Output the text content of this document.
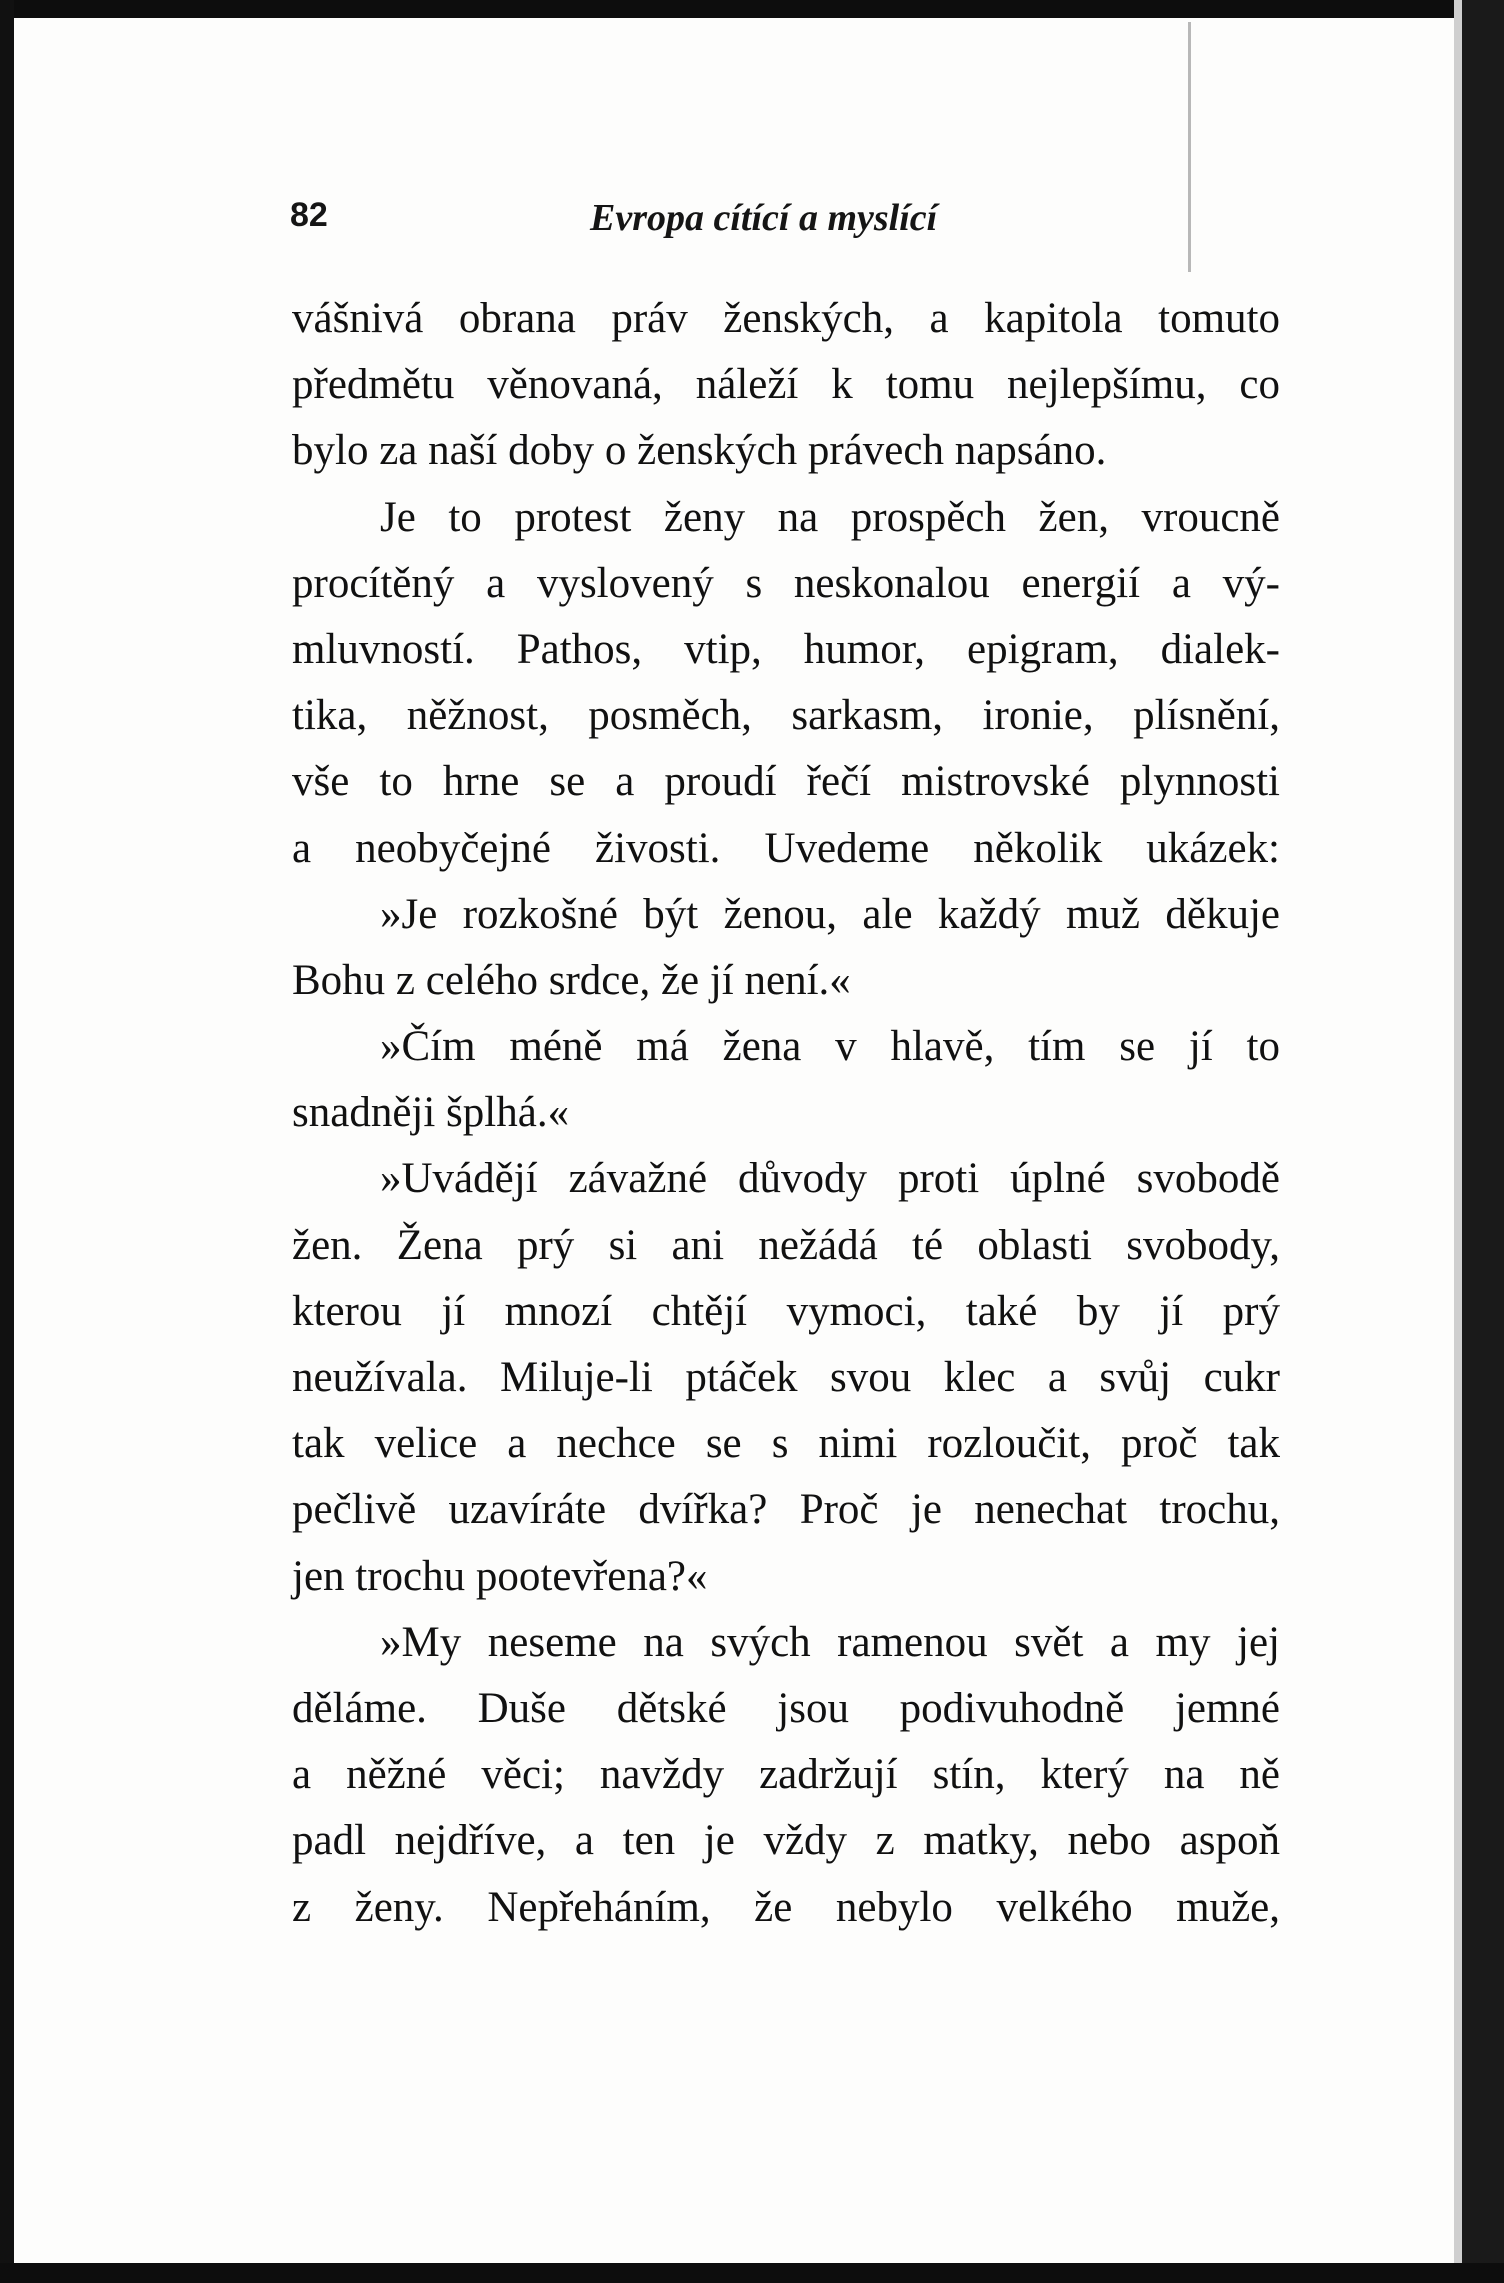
82	Evropa cítící a myslící
vášnivá obrana práv ženských, a kapitola tomuto
předmětu věnovaná, náleží k tomu nejlepšímu, co
bylo za naší doby o ženských právech napsáno.
Je to protest ženy na prospěch žen, vroucně
procítěný a vyslovený s neskonalou energií a vý-
mluvností. Pathos, vtip, humor, epigram, dialek-
tika, něžnost, posměch, sarkasm, ironie, plísnění,
vše to hrne se a proudí řečí mistrovské plynnosti
a neobyčejné živosti. Uvedeme několik ukázek:
»Je rozkošné být ženou, ale každý muž děkuje
Bohu z celého srdce, že jí není.«
»Čím méně má žena v hlavě, tím se jí to
snadněji šplhá.«
»Uvádějí závažné důvody proti úplné svobodě
žen. Žena prý si ani nežádá té oblasti svobody,
kterou jí mnozí chtějí vymoci, také by jí prý
neužívala. Miluje-li ptáček svou klec a svůj cukr
tak velice a nechce se s nimi rozloučit, proč tak
pečlivě uzavíráte dvířka? Proč je nenechat trochu,
jen trochu pootevřena?«
»My neseme na svých ramenou svět a my jej
děláme. Duše dětské jsou podivuhodně jemné
a něžné věci; navždy zadržují stín, který na ně
padl nejdříve, a ten je vždy z matky, nebo aspoň
z ženy. Nepřeháním, že nebylo velkého muže,
